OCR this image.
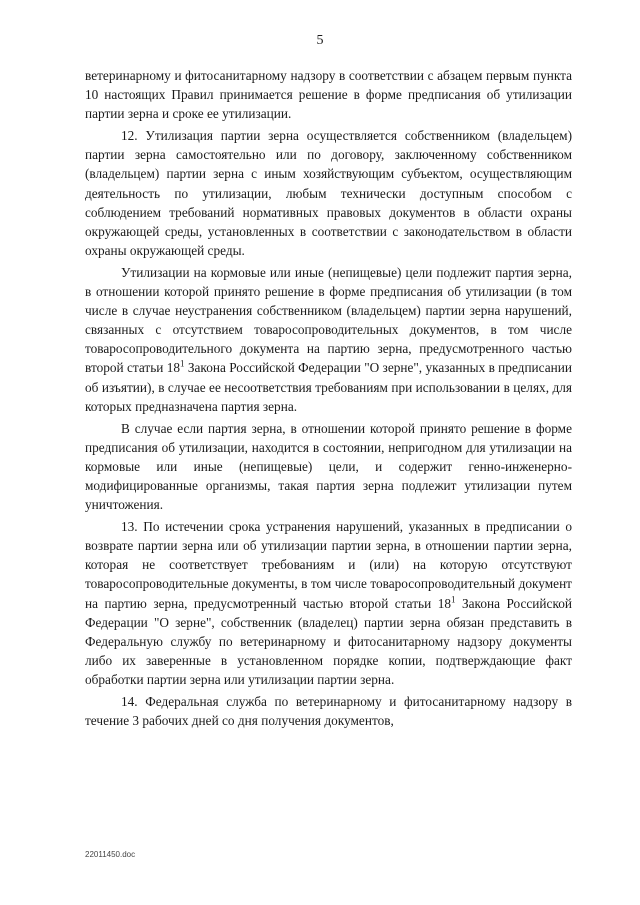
5

ветеринарному и фитосанитарному надзору в соответствии с абзацем первым пункта 10 настоящих Правил принимается решение в форме предписания об утилизации партии зерна и сроке ее утилизации.

12. Утилизация партии зерна осуществляется собственником (владельцем) партии зерна самостоятельно или по договору, заключенному собственником (владельцем) партии зерна с иным хозяйствующим субъектом, осуществляющим деятельность по утилизации, любым технически доступным способом с соблюдением требований нормативных правовых документов в области охраны окружающей среды, установленных в соответствии с законодательством в области охраны окружающей среды.

Утилизации на кормовые или иные (непищевые) цели подлежит партия зерна, в отношении которой принято решение в форме предписания об утилизации (в том числе в случае неустранения собственником (владельцем) партии зерна нарушений, связанных с отсутствием товаросопроводительных документов, в том числе товаросопроводительного документа на партию зерна, предусмотренного частью второй статьи $18^1$ Закона Российской Федерации "О зерне", указанных в предписании об изъятии), в случае ее несоответствия требованиям при использовании в целях, для которых предназначена партия зерна.

В случае если партия зерна, в отношении которой принято решение в форме предписания об утилизации, находится в состоянии, непригодном для утилизации на кормовые или иные (непищевые) цели, и содержит генно-инженерно-модифицированные организмы, такая партия зерна подлежит утилизации путем уничтожения.

13. По истечении срока устранения нарушений, указанных в предписании о возврате партии зерна или об утилизации партии зерна, в отношении партии зерна, которая не соответствует требованиям и (или) на которую отсутствуют товаросопроводительные документы, в том числе товаросопроводительный документ на партию зерна, предусмотренный частью второй статьи $18^1$ Закона Российской Федерации "О зерне", собственник (владелец) партии зерна обязан представить в Федеральную службу по ветеринарному и фитосанитарному надзору документы либо их заверенные в установленном порядке копии, подтверждающие факт обработки партии зерна или утилизации партии зерна.

14. Федеральная служба по ветеринарному и фитосанитарному надзору в течение 3 рабочих дней со дня получения документов,

22011450.doc
